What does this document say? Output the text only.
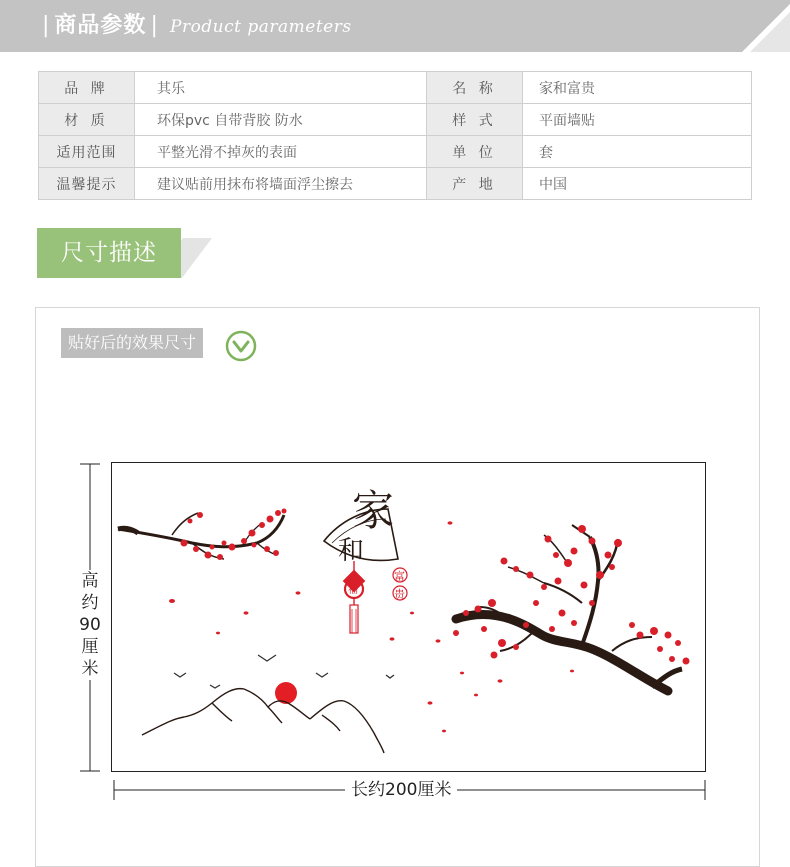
| 商品参数 | Product parameters
品 牌	其乐	名 称	家和富贵
材 质	环保pvc 自带背胶 防水	样 式	平面墙贴
适用范围	平整光滑不掉灰的表面	单 位	套
温馨提示	建议贴前用抹布将墙面浮尘擦去	产 地	中国
尺寸描述
贴好后的效果尺寸
家
和
福
富
贵
高约90厘米
长约200厘米
